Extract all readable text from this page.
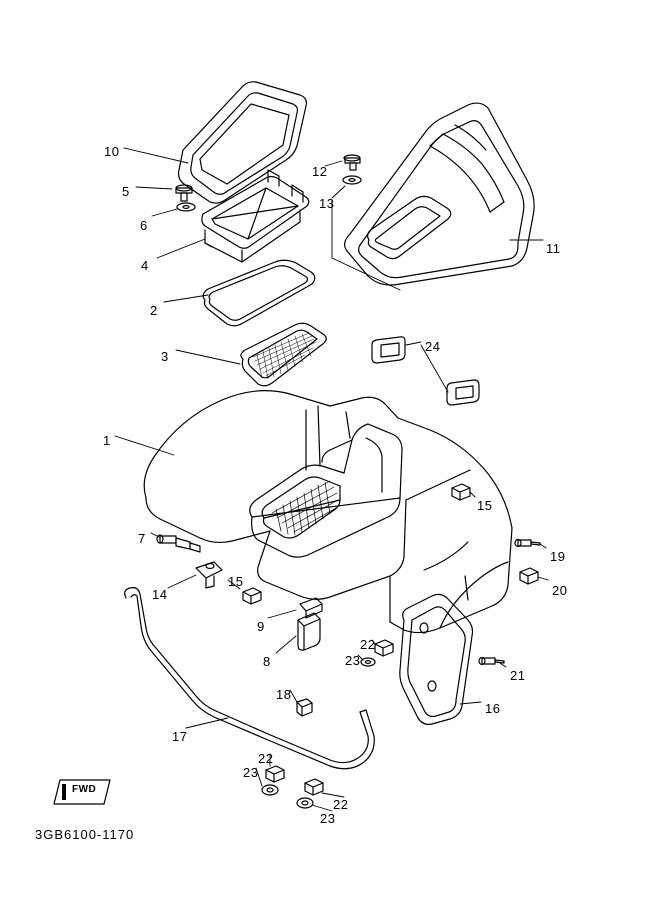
10
5
6
4
2
3
1
7
14
15
9
8
17
18
22
23
22
23
12
13
11
24
15
19
20
22
23
21
16
FWD
3GB6100-1170
